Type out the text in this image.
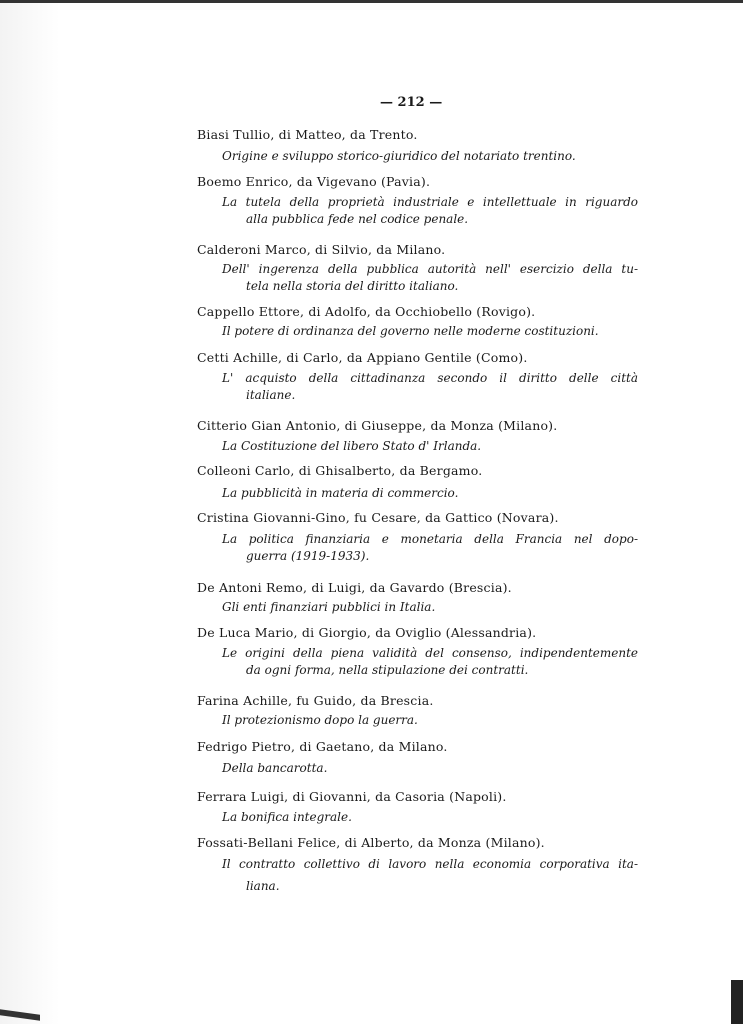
— 212 —
Biasi Tullio, di Matteo, da Trento.
Origine e sviluppo storico-giuridico del notariato trentino.
Boemo Enrico, da Vigevano (Pavia).
La tutela della proprietà industriale e intellettuale in riguardo
alla pubblica fede nel codice penale.
Calderoni Marco, di Silvio, da Milano.
Dell' ingerenza della pubblica autorità nell' esercizio della tu-
tela nella storia del diritto italiano.
Cappello Ettore, di Adolfo, da Occhiobello (Rovigo).
Il potere di ordinanza del governo nelle moderne costituzioni.
Cetti Achille, di Carlo, da Appiano Gentile (Como).
L' acquisto della cittadinanza secondo il diritto delle città
italiane.
Citterio Gian Antonio, di Giuseppe, da Monza (Milano).
La Costituzione del libero Stato d' Irlanda.
Colleoni Carlo, di Ghisalberto, da Bergamo.
La pubblicità in materia di commercio.
Cristina Giovanni-Gino, fu Cesare, da Gattico (Novara).
La politica finanziaria e monetaria della Francia nel dopo-
guerra (1919-1933).
De Antoni Remo, di Luigi, da Gavardo (Brescia).
Gli enti finanziari pubblici in Italia.
De Luca Mario, di Giorgio, da Oviglio (Alessandria).
Le origini della piena validità del consenso, indipendentemente
da ogni forma, nella stipulazione dei contratti.
Farina Achille, fu Guido, da Brescia.
Il protezionismo dopo la guerra.
Fedrigo Pietro, di Gaetano, da Milano.
Della bancarotta.
Ferrara Luigi, di Giovanni, da Casoria (Napoli).
La bonifica integrale.
Fossati-Bellani Felice, di Alberto, da Monza (Milano).
Il contratto collettivo di lavoro nella economia corporativa ita-
liana.
